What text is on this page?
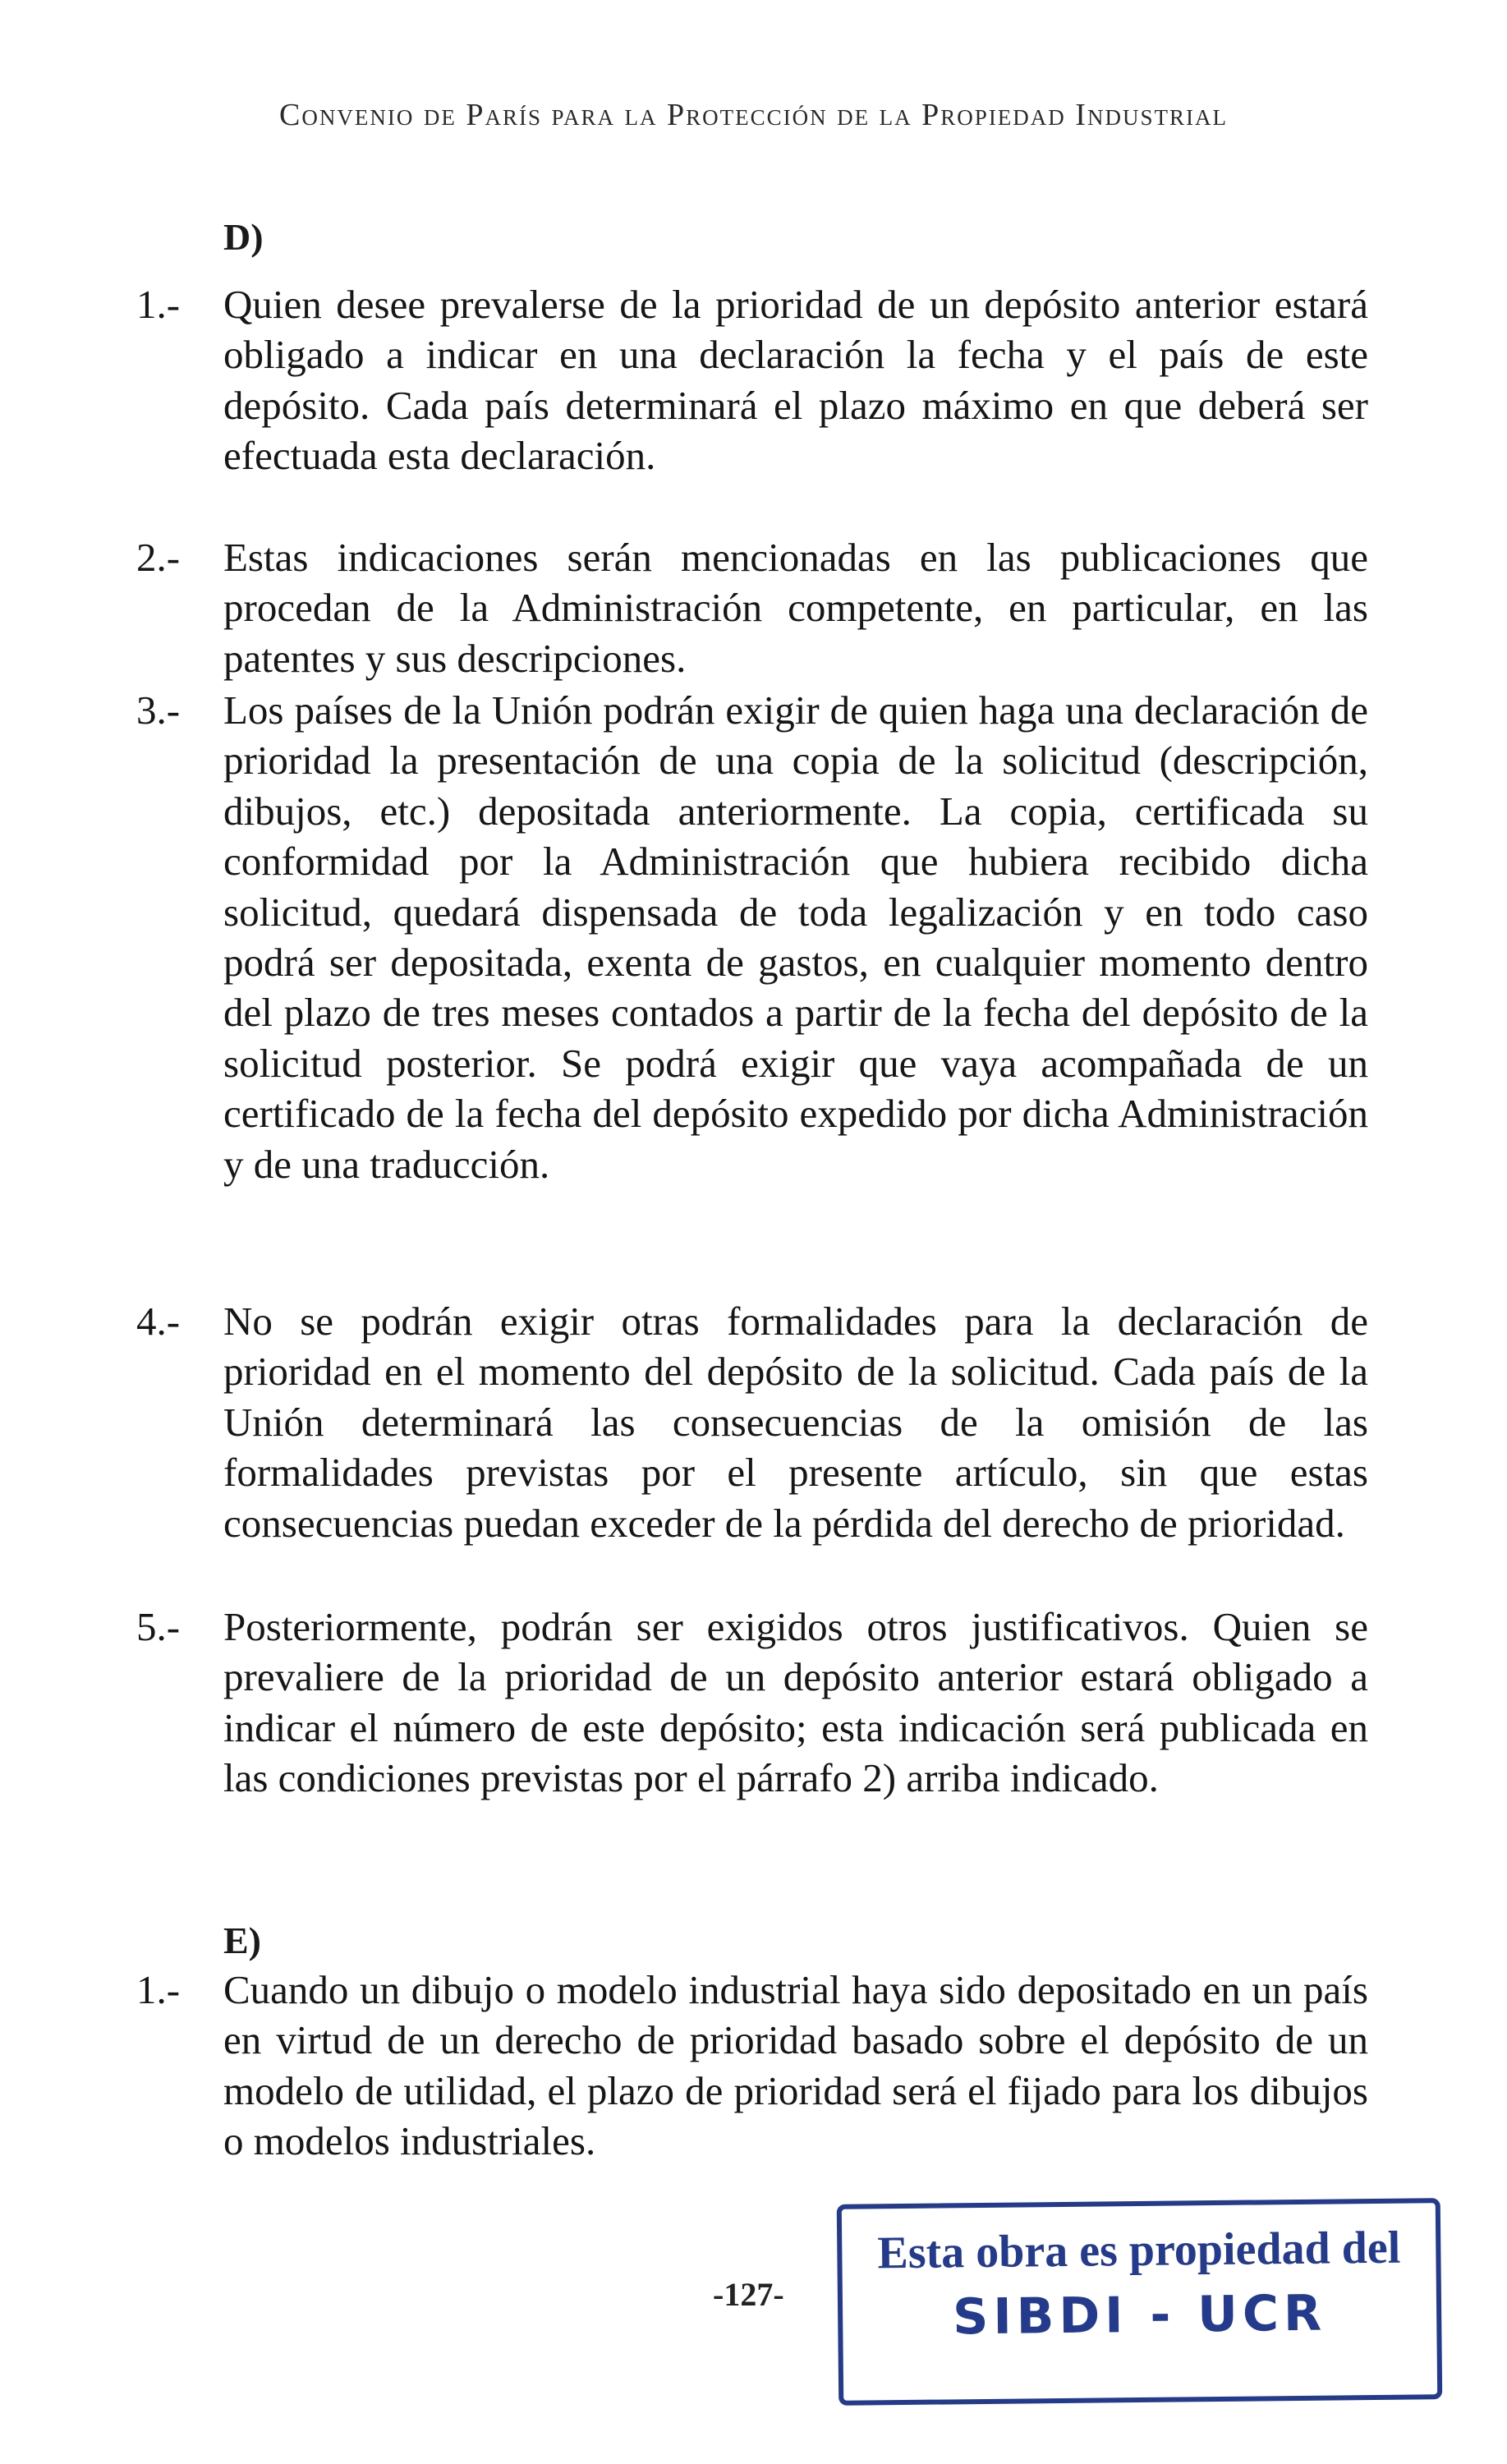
Convenio de París para la Protección de la Propiedad Industrial
D)
1.-	Quien desee prevalerse de la prioridad de un depósito anterior estará obligado a indicar en una declaración la fecha y el país de este depósito. Cada país determinará el plazo máximo en que deberá ser efectuada esta declaración.
2.-	Estas indicaciones serán mencionadas en las publicaciones que procedan de la Administración competente, en particular, en las patentes y sus descripciones.
3.-	Los países de la Unión podrán exigir de quien haga una declaración de prioridad la presentación de una copia de la solicitud (descripción, dibujos, etc.) depositada anteriormente. La copia, certificada su conformidad por la Administración que hubiera recibido dicha solicitud, quedará dispensada de toda legalización y en todo caso podrá ser depositada, exenta de gastos, en cualquier momento dentro del plazo de tres meses contados a partir de la fecha del depósito de la solicitud posterior. Se podrá exigir que vaya acompañada de un certificado de la fecha del depósito expedido por dicha Administración y de una traducción.
4.-	No se podrán exigir otras formalidades para la declaración de prioridad en el momento del depósito de la solicitud. Cada país de la Unión determinará las consecuencias de la omisión de las formalidades previstas por el presente artículo, sin que estas consecuencias puedan exceder de la pérdida del derecho de prioridad.
5.-	Posteriormente, podrán ser exigidos otros justificativos. Quien se prevaliere de la prioridad de un depósito anterior estará obligado a indicar el número de este depósito; esta indicación será publicada en las condiciones previstas por el párrafo 2) arriba indicado.
E)
1.-	Cuando un dibujo o modelo industrial haya sido depositado en un país en virtud de un derecho de prioridad basado sobre el depósito de un modelo de utilidad, el plazo de prioridad será el fijado para los dibujos o modelos industriales.
-127-
Esta obra es propiedad del
SIBDI - UCR
